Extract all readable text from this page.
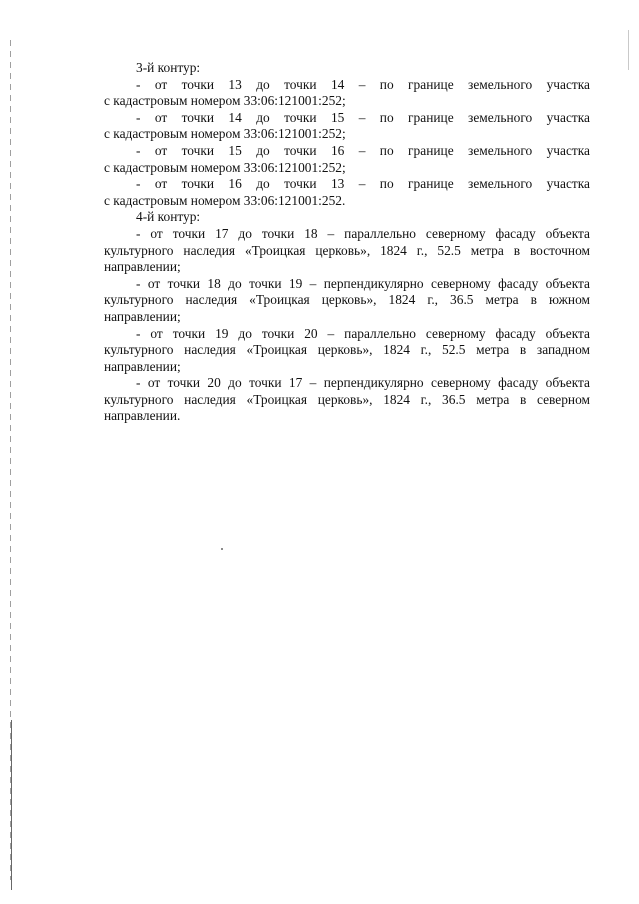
3-й контур:
- от точки 13 до точки 14 – по границе земельного участка
с кадастровым номером 33:06:121001:252;
- от точки 14 до точки 15 – по границе земельного участка
с кадастровым номером 33:06:121001:252;
- от точки 15 до точки 16 – по границе земельного участка
с кадастровым номером 33:06:121001:252;
- от точки 16 до точки 13 – по границе земельного участка
с кадастровым номером 33:06:121001:252.
4-й контур:
- от точки 17 до точки 18 – параллельно северному фасаду объекта
культурного наследия «Троицкая церковь», 1824 г., 52.5 метра в восточном
направлении;
- от точки 18 до точки 19 – перпендикулярно северному фасаду объекта
культурного наследия «Троицкая церковь», 1824 г., 36.5 метра в южном
направлении;
- от точки 19 до точки 20 – параллельно северному фасаду объекта
культурного наследия «Троицкая церковь», 1824 г., 52.5 метра в западном
направлении;
- от точки 20 до точки 17 – перпендикулярно северному фасаду объекта
культурного наследия «Троицкая церковь», 1824 г., 36.5 метра в северном
направлении.
